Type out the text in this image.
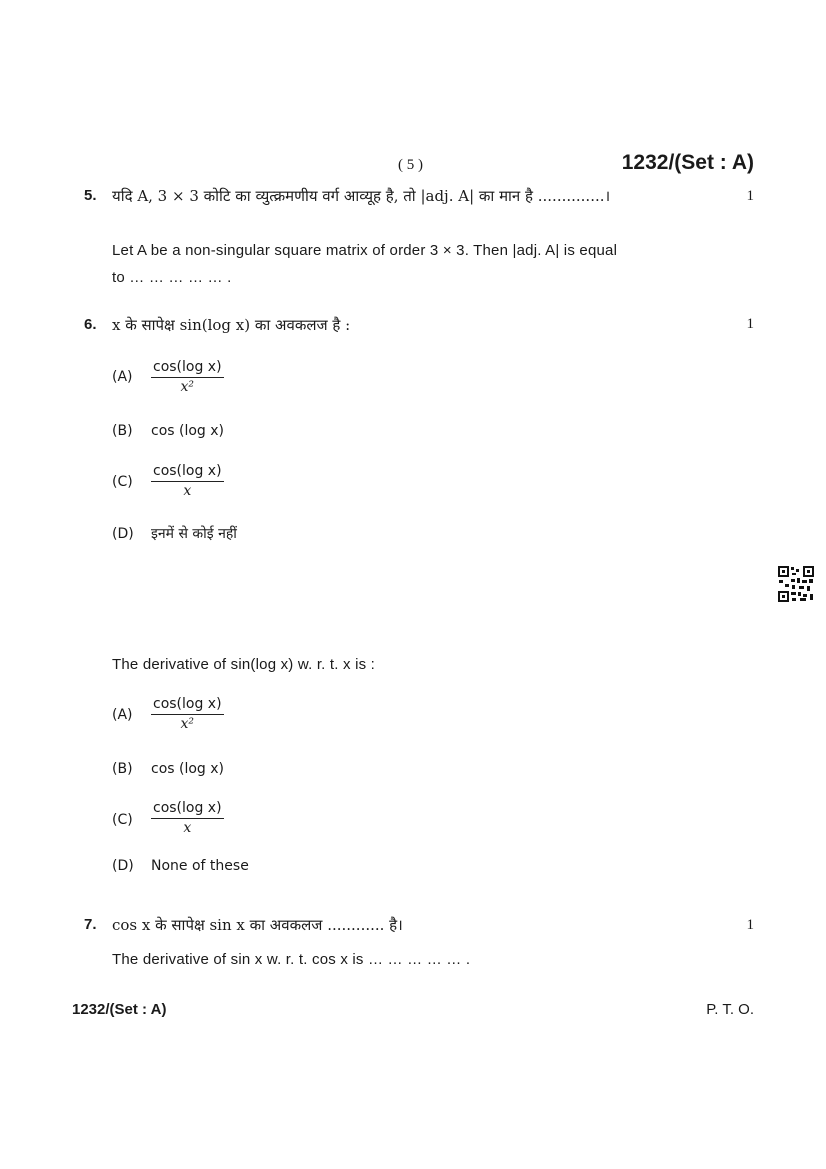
( 5 )	1232/(Set : A)
5. यदि A, 3 × 3 कोटि का व्युत्क्रमणीय वर्ग आव्यूह है, तो |adj. A| का मान है ..............।	1
Let A be a non-singular square matrix of order 3 × 3. Then |adj. A| is equal
to … … … … … .
6. x के सापेक्ष sin(log x) का अवकलज है :	1
$(A) \frac{\text{cos(log x)}}{\text{x²}}$
(B) cos (log x)
$(C) \frac{\text{cos(log x)}}{x}$
(D) इनमें से कोई नहीं
The derivative of sin(log x) w. r. t. x is :
$(A) \frac{\text{cos(log x)}}{\text{x²}}$
(B) cos (log x)
$(C) \frac{\text{cos(log x)}}{x}$
(D) None of these
7. cos x के सापेक्ष sin x का अवकलज ............ है।	1
The derivative of sin x w. r. t. cos x is … … … … … .
1232/(Set : A)	P. T. O.
